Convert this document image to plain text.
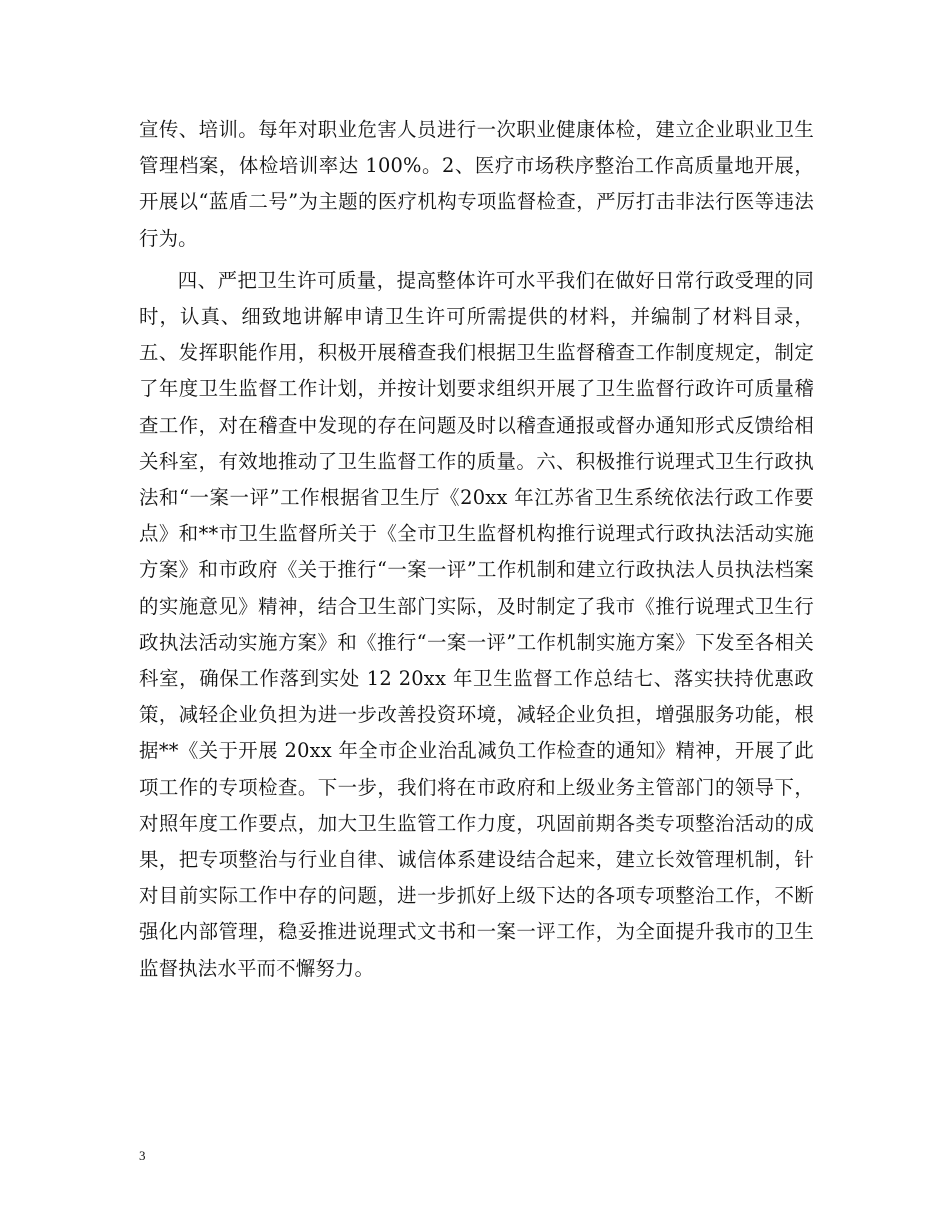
宣传、培训。每年对职业危害人员进行一次职业健康体检，建立企业职业卫生管理档案，体检培训率达 100%。2、医疗市场秩序整治工作高质量地开展，开展以“蓝盾二号”为主题的医疗机构专项监督检查，严厉打击非法行医等违法行为。

四、严把卫生许可质量，提高整体许可水平我们在做好日常行政受理的同时，认真、细致地讲解申请卫生许可所需提供的材料，并编制了材料目录，五、发挥职能作用，积极开展稽查我们根据卫生监督稽查工作制度规定，制定了年度卫生监督工作计划，并按计划要求组织开展了卫生监督行政许可质量稽查工作，对在稽查中发现的存在问题及时以稽查通报或督办通知形式反馈给相关科室，有效地推动了卫生监督工作的质量。六、积极推行说理式卫生行政执法和“一案一评”工作根据省卫生厅《20xx 年江苏省卫生系统依法行政工作要点》和**市卫生监督所关于《全市卫生监督机构推行说理式行政执法活动实施方案》和市政府《关于推行“一案一评”工作机制和建立行政执法人员执法档案的实施意见》精神，结合卫生部门实际，及时制定了我市《推行说理式卫生行政执法活动实施方案》和《推行“一案一评”工作机制实施方案》下发至各相关科室，确保工作落到实处 12 20xx 年卫生监督工作总结七、落实扶持优惠政策，减轻企业负担为进一步改善投资环境，减轻企业负担，增强服务功能，根据**《关于开展 20xx 年全市企业治乱减负工作检查的通知》精神，开展了此项工作的专项检查。下一步，我们将在市政府和上级业务主管部门的领导下，对照年度工作要点，加大卫生监管工作力度，巩固前期各类专项整治活动的成果，把专项整治与行业自律、诚信体系建设结合起来，建立长效管理机制，针对目前实际工作中存的问题，进一步抓好上级下达的各项专项整治工作，不断强化内部管理，稳妥推进说理式文书和一案一评工作，为全面提升我市的卫生监督执法水平而不懈努力。

3
